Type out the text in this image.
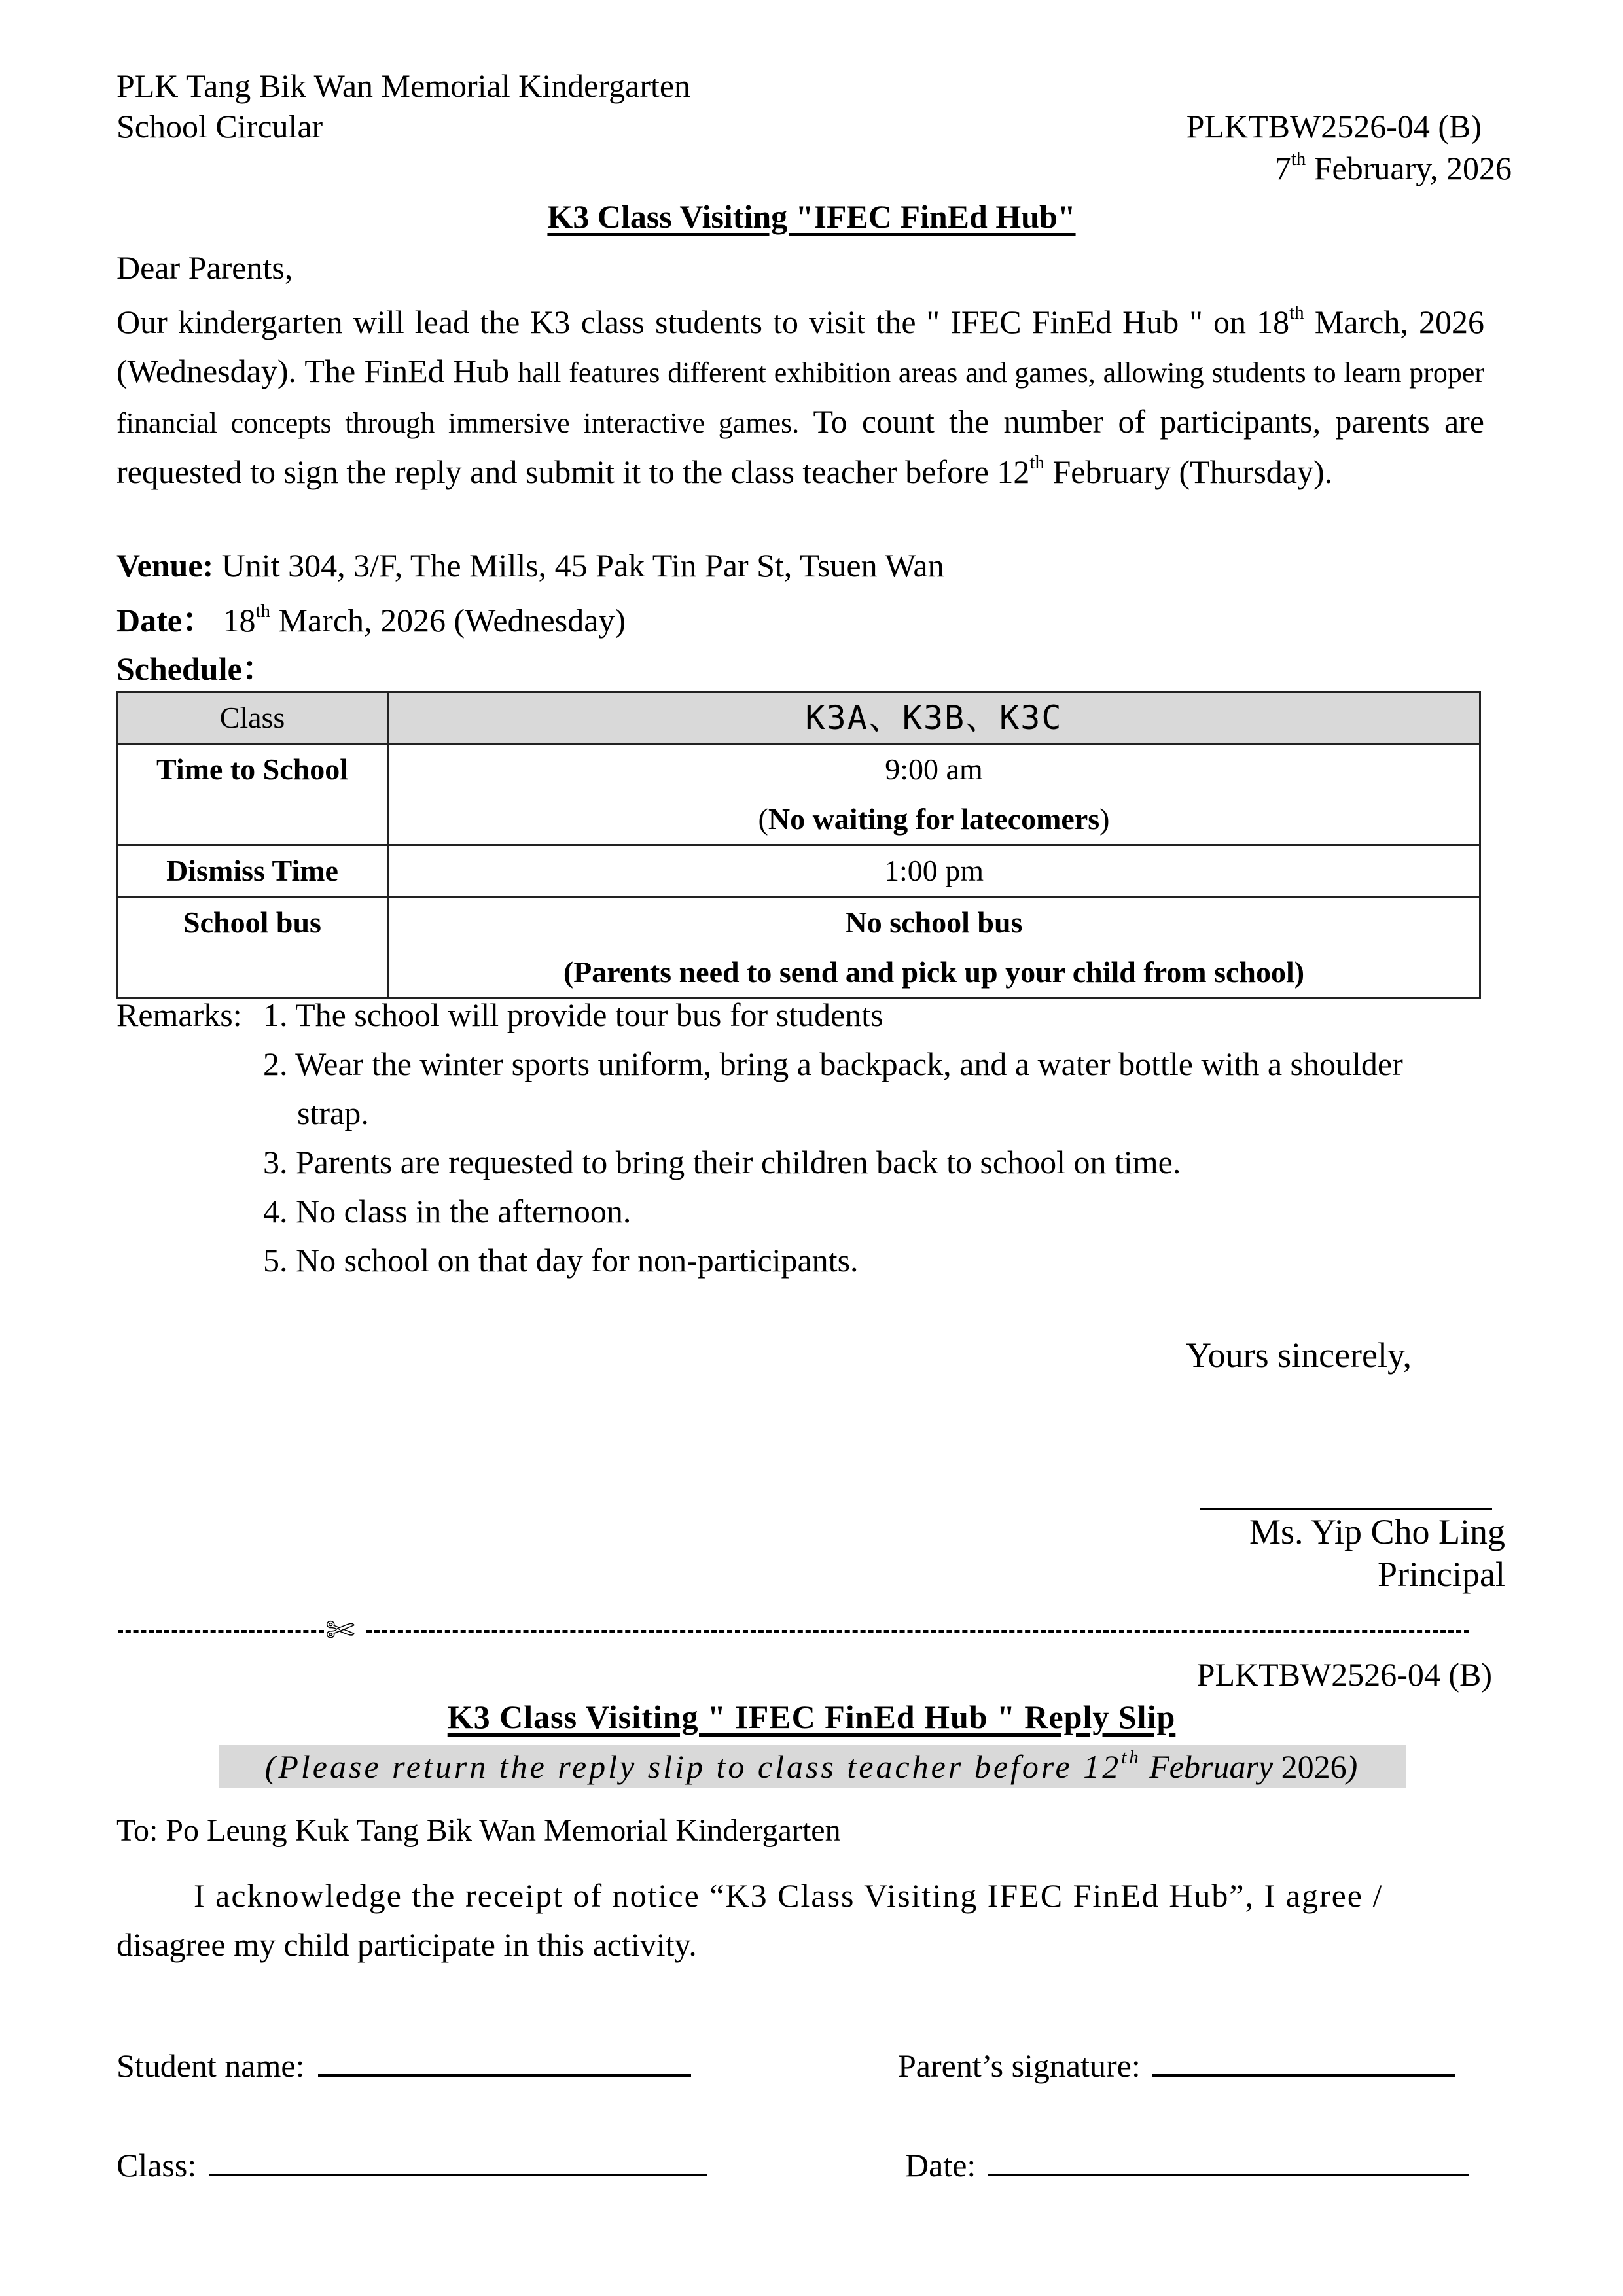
PLK Tang Bik Wan Memorial Kindergarten
School Circular	PLKTBW2526-04 (B)
7th February, 2026
K3 Class Visiting "IFEC FinEd Hub"
Dear Parents,
Our kindergarten will lead the K3 class students to visit the " IFEC FinEd Hub " on 18th March, 2026 (Wednesday). The FinEd Hub hall features different exhibition areas and games, allowing students to learn proper financial concepts through immersive interactive games. To count the number of participants, parents are requested to sign the reply and submit it to the class teacher before 12th February (Thursday).
Venue: Unit 304, 3/F, The Mills, 45 Pak Tin Par St, Tsuen Wan
Date： 18th March, 2026 (Wednesday)
Schedule：
Class	K3A、K3B、K3C
Time to School	9:00 am
(No waiting for latecomers)

Dismiss Time	1:00 pm
School bus	No school bus
(Parents need to send and pick up your child from school)
Remarks: 1. The school will provide tour bus for students
2. Wear the winter sports uniform, bring a backpack, and a water bottle with a shoulder
strap.
3. Parents are requested to bring their children back to school on time.
4. No class in the afternoon.
5. No school on that day for non-participants.
Yours sincerely,
Ms. Yip Cho Ling
Principal
✄
PLKTBW2526-04 (B)
K3 Class Visiting " IFEC FinEd Hub " Reply Slip
(Please return the reply slip to class teacher before 12th February 2026)
To: Po Leung Kuk Tang Bik Wan Memorial Kindergarten
I acknowledge the receipt of notice “K3 Class Visiting IFEC FinEd Hub”, I agree /
disagree my child participate in this activity.
Student name:	Parent’s signature:
Class:	Date:
